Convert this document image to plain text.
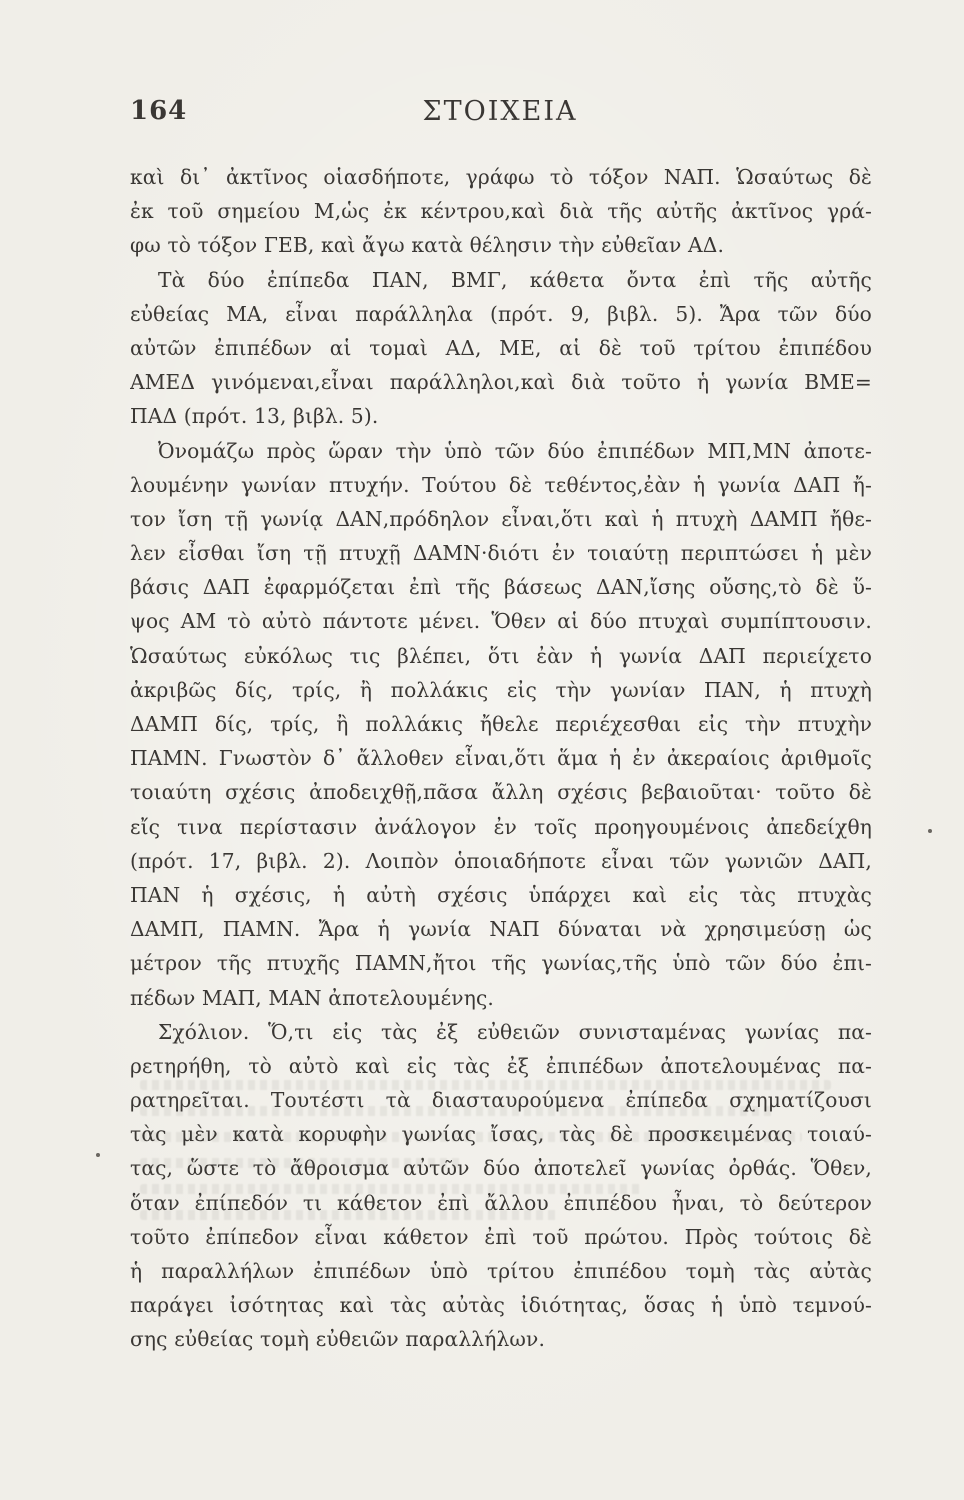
164	ΣΤΟΙΧΕΙΑ
καὶ δι᾽ ἀκτῖνος οἱασδήποτε, γράφω τὸ τόξον ΝΑΠ. Ὡσαύτως δὲ
ἐκ τοῦ σημείου Μ,ὡς ἐκ κέντρου,καὶ διὰ τῆς αὐτῆς ἀκτῖνος γρά-
φω τὸ τόξον ΓΕΒ, καὶ ἄγω κατὰ θέλησιν τὴν εὐθεῖαν ΑΔ.
Τὰ δύο ἐπίπεδα ΠΑΝ, ΒΜΓ, κάθετα ὄντα ἐπὶ τῆς αὐτῆς
εὐθείας ΜΑ, εἶναι παράλληλα (πρότ. 9, βιβλ. 5). Ἄρα τῶν δύο
αὐτῶν ἐπιπέδων αἱ τομαὶ ΑΔ, ΜΕ, αἱ δὲ τοῦ τρίτου ἐπιπέδου
ΑΜΕΔ γινόμεναι,εἶναι παράλληλοι,καὶ διὰ τοῦτο ἡ γωνία ΒΜΕ=
ΠΑΔ (πρότ. 13, βιβλ. 5).
Ὀνομάζω πρὸς ὥραν τὴν ὑπὸ τῶν δύο ἐπιπέδων ΜΠ,ΜΝ ἀποτε-
λουμένην γωνίαν πτυχήν. Τούτου δὲ τεθέντος,ἐὰν ἡ γωνία ΔΑΠ ἤ-
τον ἴση τῇ γωνίᾳ ΔΑΝ,πρόδηλον εἶναι,ὅτι καὶ ἡ πτυχὴ ΔΑΜΠ ἤθε-
λεν εἶσθαι ἴση τῇ πτυχῇ ΔΑΜΝ·διότι ἐν τοιαύτῃ περιπτώσει ἡ μὲν
βάσις ΔΑΠ ἐφαρμόζεται ἐπὶ τῆς βάσεως ΔΑΝ,ἴσης οὔσης,τὸ δὲ ὕ-
ψος ΑΜ τὸ αὐτὸ πάντοτε μένει. Ὅθεν αἱ δύο πτυχαὶ συμπίπτουσιν.
Ὡσαύτως εὐκόλως τις βλέπει, ὅτι ἐὰν ἡ γωνία ΔΑΠ περιείχετο
ἀκριβῶς δίς, τρίς, ἢ πολλάκις εἰς τὴν γωνίαν ΠΑΝ, ἡ πτυχὴ
ΔΑΜΠ δίς, τρίς, ἢ πολλάκις ἤθελε περιέχεσθαι εἰς τὴν πτυχὴν
ΠΑΜΝ. Γνωστὸν δ᾽ ἄλλοθεν εἶναι,ὅτι ἅμα ἡ ἐν ἀκεραίοις ἀριθμοῖς
τοιαύτη σχέσις ἀποδειχθῇ,πᾶσα ἄλλη σχέσις βεβαιοῦται· τοῦτο δὲ
εἴς τινα περίστασιν ἀνάλογον ἐν τοῖς προηγουμένοις ἀπεδείχθη
(πρότ. 17, βιβλ. 2). Λοιπὸν ὁποιαδήποτε εἶναι τῶν γωνιῶν ΔΑΠ,
ΠΑΝ ἡ σχέσις, ἡ αὐτὴ σχέσις ὑπάρχει καὶ εἰς τὰς πτυχὰς
ΔΑΜΠ, ΠΑΜΝ. Ἄρα ἡ γωνία ΝΑΠ δύναται νὰ χρησιμεύσῃ ὡς
μέτρον τῆς πτυχῆς ΠΑΜΝ,ἤτοι τῆς γωνίας,τῆς ὑπὸ τῶν δύο ἐπι-
πέδων ΜΑΠ, ΜΑΝ ἀποτελουμένης.
Σχόλιον. Ὅ,τι εἰς τὰς ἐξ εὐθειῶν συνισταμένας γωνίας πα-
ρετηρήθη, τὸ αὐτὸ καὶ εἰς τὰς ἐξ ἐπιπέδων ἀποτελουμένας πα-
ρατηρεῖται. Τουτέστι τὰ διασταυρούμενα ἐπίπεδα σχηματίζουσι
τὰς μὲν κατὰ κορυφὴν γωνίας ἴσας, τὰς δὲ προσκειμένας τοιαύ-
τας, ὥστε τὸ ἄθροισμα αὐτῶν δύο ἀποτελεῖ γωνίας ὀρθάς. Ὅθεν,
ὅταν ἐπίπεδόν τι κάθετον ἐπὶ ἄλλου ἐπιπέδου ἦναι, τὸ δεύτερον
τοῦτο ἐπίπεδον εἶναι κάθετον ἐπὶ τοῦ πρώτου. Πρὸς τούτοις δὲ
ἡ παραλλήλων ἐπιπέδων ὑπὸ τρίτου ἐπιπέδου τομὴ τὰς αὐτὰς
παράγει ἰσότητας καὶ τὰς αὐτὰς ἰδιότητας, ὅσας ἡ ὑπὸ τεμνού-
σης εὐθείας τομὴ εὐθειῶν παραλλήλων.
